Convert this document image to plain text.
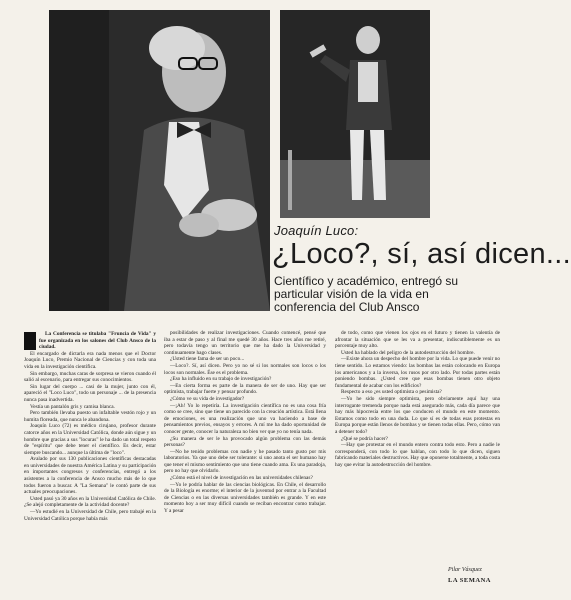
Joaquín Luco:
¿Loco?, sí, así dicen...
Científico y académico, entregó su particular visión de la vida en conferencia del Club Ansco

La Conferencia se titulaba "Fruncia de Vida" y fue organizada en los salones del Club Ansco de la ciudad.

El encargado de dictarla era nada menos que el Doctor Joaquín Luco, Premio Nacional de Ciencias y con toda una vida en la investigación científica.

Sin embargo, muchas caras de sorpresa se vieron cuando él salió al escenario, para entregar sus conocimientos.

Sin lugar del cuerpo ... casi de la mujer, junto con él, apareció el "Loco Luco", todo un personaje ... de la presencia nunca pasa inadvertida.

Vestía un pantalón gris y camisa blanca.

Pero también llevaba puesto un infaltable vestón rojo y un humita floreada, que nunca le abandona.

Joaquín Luco (72) es médico cirujano, profesor durante catorce años en la Universidad Católica, donde aún sigue y un hombre que gracias a sus "locuras" le ha dado un total respeto de "espíritu" que debe tener el científico. Es decir, estar siempre buscando... aunque la última de "loco".

Avalado por sus 130 publicaciones científicas destacadas en universidades de nuestra América Latina y su participación en importantes congresos y conferencias, entregó a los asistentes a la conferencia de Ansco mucho más de lo que todos fueron a buscar. A "La Semana" le contó parte de sus actuales preocupaciones.

Usted pasó ya 30 años en la Universidad Católica de Chile. ¿Se alejó completamente de la actividad docente?

—Yo estudié en la Universidad de Chile, pero trabajé en la Universidad Católica porque había más

posibilidades de realizar investigaciones. Cuando comencé, pensé que iba a estar de paso y al final me quedé 30 años. Hace tres años me retiré, pero todavía tengo un territorio que me ha dado la Universidad y continuamente hago clases.

¿Usted tiene fama de ser un poco...

—Loco?. Sí, así dicen. Pero yo no sé si los normales son locos o los locos son normales. Ése es el problema.

¿Eso ha influido en su trabajo de investigación?

—En cierta forma es parte de la manera de ser de uno. Hay que ser optimista, trabajar fuerte y pensar profundo.

¿Cómo ve su vida de investigador?

—¡Ah! Yo lo repetiría. La investigación científica no es una cosa fría como se cree, sino que tiene un parecido con la creación artística. Está llena de emociones, es una realización que uno va haciendo a base de pensamientos previos, ensayos y errores. A mí me ha dado oportunidad de conocer gente, conocer la naturaleza no bien ver que yo no tenía nada.

¿Su manera de ser le ha provocado algún problema con las demás personas?

—No he tenido problemas con nadie y he pasado tanto gusto por mis laboratorios. Ya que uno debe ser tolerante: si uno anota el ser humano hay que tener el mismo sentimiento que uno tiene cuando ama. Es una paradoja, pero no hay que olvidarlo.

¿Cómo está el nivel de investigación en las universidades chilenas?

—Yo le podría hablar de las ciencias biológicas. En Chile, el desarrollo de la Biología es enorme; el interior de la juventud por entrar a la Facultad de Ciencias o en las diversas universidades también es grande. Y en este momento hoy a ser muy difícil cuando se reciban encontrar como trabajar. Y a pesar

de todo, como que vienen los ojos en el futuro y tienen la valentía de afrontar la situación que se les va a presentar, indiscutiblemente es un porcentaje muy alto.

Usted ha hablado del peligro de la autodestrucción del hombre.

—Existe ahora un despecho del hombre por la vida. Lo que puede venir no tiene sentido. Lo estamos viendo: las bombas las están colocando en Europa los americanos y a la inversa, los rusos por otro lado. Por todas partes están poniendo bombas. ¿Usted cree que esas bombas tienen otro objeto fundamental de acabar con los edificios?

Respecto a eso ¿es usted optimista o pesimista?

—Yo he sido siempre optimista, pero obviamente aquí hay una interrogante tremenda porque nada está asegurado más, cada día parece que hay más hipocresía entre los que conducen el mundo en este momento. Estamos como todo en una duda. Lo que sí es de todas esas protestas en Europa porque están llenos de bombas y se tienen todas ellas. Pero, cómo van a detener todo?

¿Qué se podría hacer?

—Hay que protestar en el mundo entero contra todo esto. Pero a nadie le corresponderá, con todo lo que hablan, con todo lo que dicen, siguen fabricando materiales destructivos. Hay que oponerse totalmente, a toda costa hay que evitar la autodestrucción del hombre.

Pilar Vásquez
LA SEMANA
